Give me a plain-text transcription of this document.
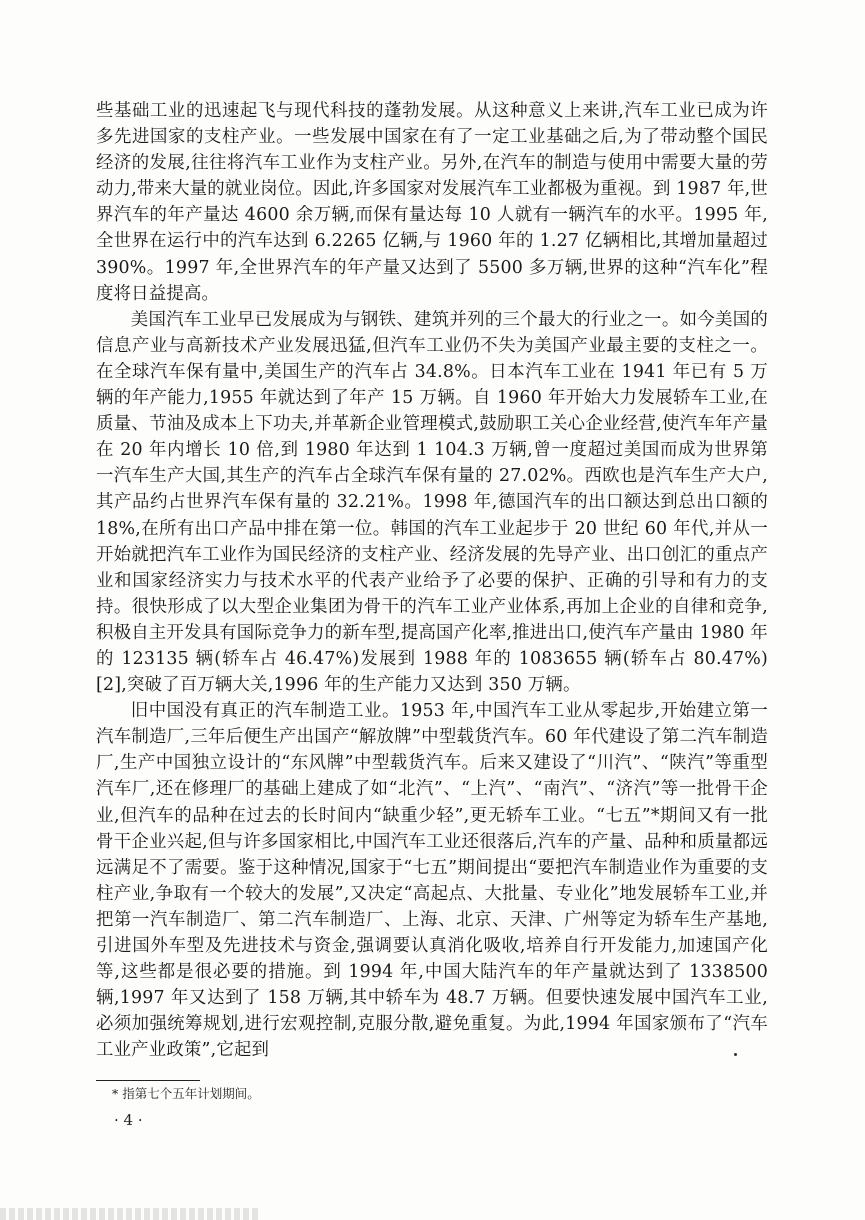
些基础工业的迅速起飞与现代科技的蓬勃发展。从这种意义上来讲,汽车工业已成为许多先进国家的支柱产业。一些发展中国家在有了一定工业基础之后,为了带动整个国民经济的发展,往往将汽车工业作为支柱产业。另外,在汽车的制造与使用中需要大量的劳动力,带来大量的就业岗位。因此,许多国家对发展汽车工业都极为重视。到 1987 年,世界汽车的年产量达 4600 余万辆,而保有量达每 10 人就有一辆汽车的水平。1995 年,全世界在运行中的汽车达到 6.2265 亿辆,与 1960 年的 1.27 亿辆相比,其增加量超过 390%。1997 年,全世界汽车的年产量又达到了 5500 多万辆,世界的这种“汽车化”程度将日益提高。

美国汽车工业早已发展成为与钢铁、建筑并列的三个最大的行业之一。如今美国的信息产业与高新技术产业发展迅猛,但汽车工业仍不失为美国产业最主要的支柱之一。在全球汽车保有量中,美国生产的汽车占 34.8%。日本汽车工业在 1941 年已有 5 万辆的年产能力,1955 年就达到了年产 15 万辆。自 1960 年开始大力发展轿车工业,在质量、节油及成本上下功夫,并革新企业管理模式,鼓励职工关心企业经营,使汽车年产量在 20 年内增长 10 倍,到 1980 年达到 1 104.3 万辆,曾一度超过美国而成为世界第一汽车生产大国,其生产的汽车占全球汽车保有量的 27.02%。西欧也是汽车生产大户,其产品约占世界汽车保有量的 32.21%。1998 年,德国汽车的出口额达到总出口额的 18%,在所有出口产品中排在第一位。韩国的汽车工业起步于 20 世纪 60 年代,并从一开始就把汽车工业作为国民经济的支柱产业、经济发展的先导产业、出口创汇的重点产业和国家经济实力与技术水平的代表产业给予了必要的保护、正确的引导和有力的支持。很快形成了以大型企业集团为骨干的汽车工业产业体系,再加上企业的自律和竞争,积极自主开发具有国际竞争力的新车型,提高国产化率,推进出口,使汽车产量由 1980 年的 123135 辆(轿车占 46.47%)发展到 1988 年的 1083655 辆(轿车占 80.47%)[2],突破了百万辆大关,1996 年的生产能力又达到 350 万辆。

旧中国没有真正的汽车制造工业。1953 年,中国汽车工业从零起步,开始建立第一汽车制造厂,三年后便生产出国产“解放牌”中型载货汽车。60 年代建设了第二汽车制造厂,生产中国独立设计的“东风牌”中型载货汽车。后来又建设了“川汽”、“陕汽”等重型汽车厂,还在修理厂的基础上建成了如“北汽”、“上汽”、“南汽”、“济汽”等一批骨干企业,但汽车的品种在过去的长时间内“缺重少轻”,更无轿车工业。“七五”*期间又有一批骨干企业兴起,但与许多国家相比,中国汽车工业还很落后,汽车的产量、品种和质量都远远满足不了需要。鉴于这种情况,国家于“七五”期间提出“要把汽车制造业作为重要的支柱产业,争取有一个较大的发展”,又决定“高起点、大批量、专业化”地发展轿车工业,并把第一汽车制造厂、第二汽车制造厂、上海、北京、天津、广州等定为轿车生产基地,引进国外车型及先进技术与资金,强调要认真消化吸收,培养自行开发能力,加速国产化等,这些都是很必要的措施。到 1994 年,中国大陆汽车的年产量就达到了 1338500 辆,1997 年又达到了 158 万辆,其中轿车为 48.7 万辆。但要快速发展中国汽车工业,必须加强统筹规划,进行宏观控制,克服分散,避免重复。为此,1994 年国家颁布了“汽车工业产业政策”,它起到

* 指第七个五年计划期间。
· 4 ·
